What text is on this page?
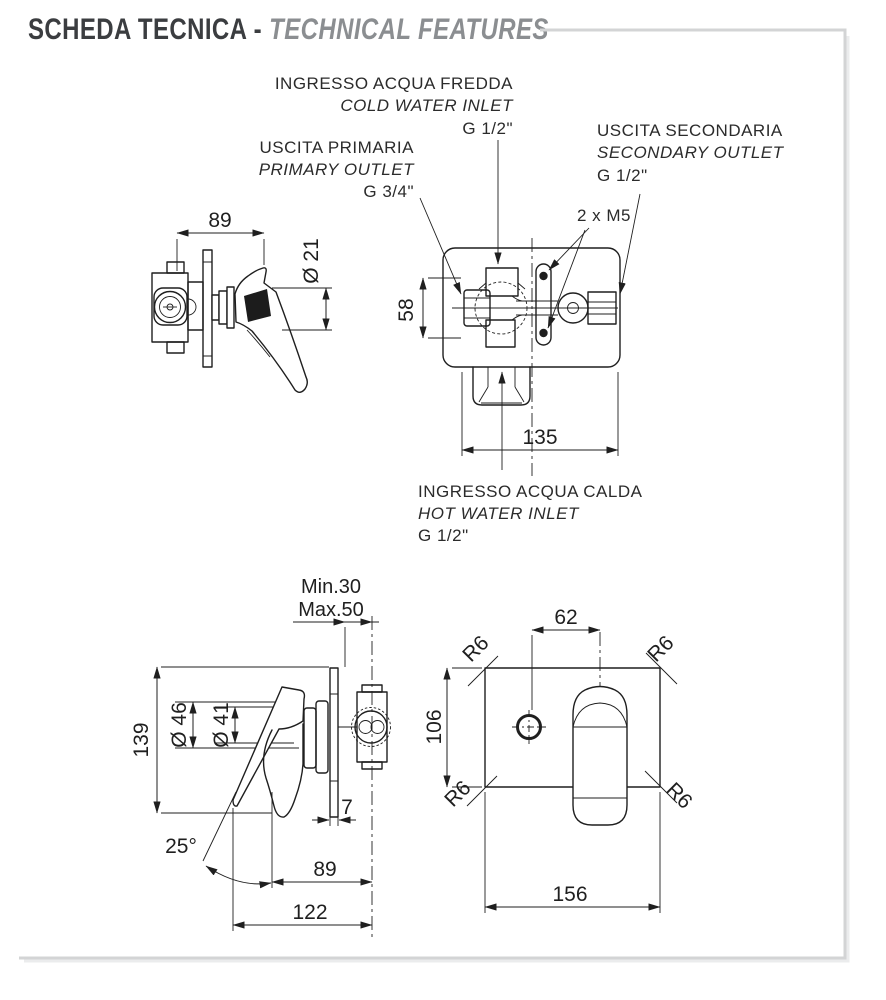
SCHEDA TECNICA - TECHNICAL FEATURES
89
Ø 21
58
135
INGRESSO ACQUA FREDDA
COLD WATER INLET
G 1/2"
USCITA PRIMARIA
PRIMARY OUTLET
G 3/4"
USCITA SECONDARIA
SECONDARY OUTLET
G 1/2"
2 x M5
INGRESSO ACQUA CALDA
HOT WATER INLET
G 1/2"
Min.30
Max.50
139 Ø 46 Ø 41
7
25°
89
122
62
R6	R6
R6	R6
106
156
